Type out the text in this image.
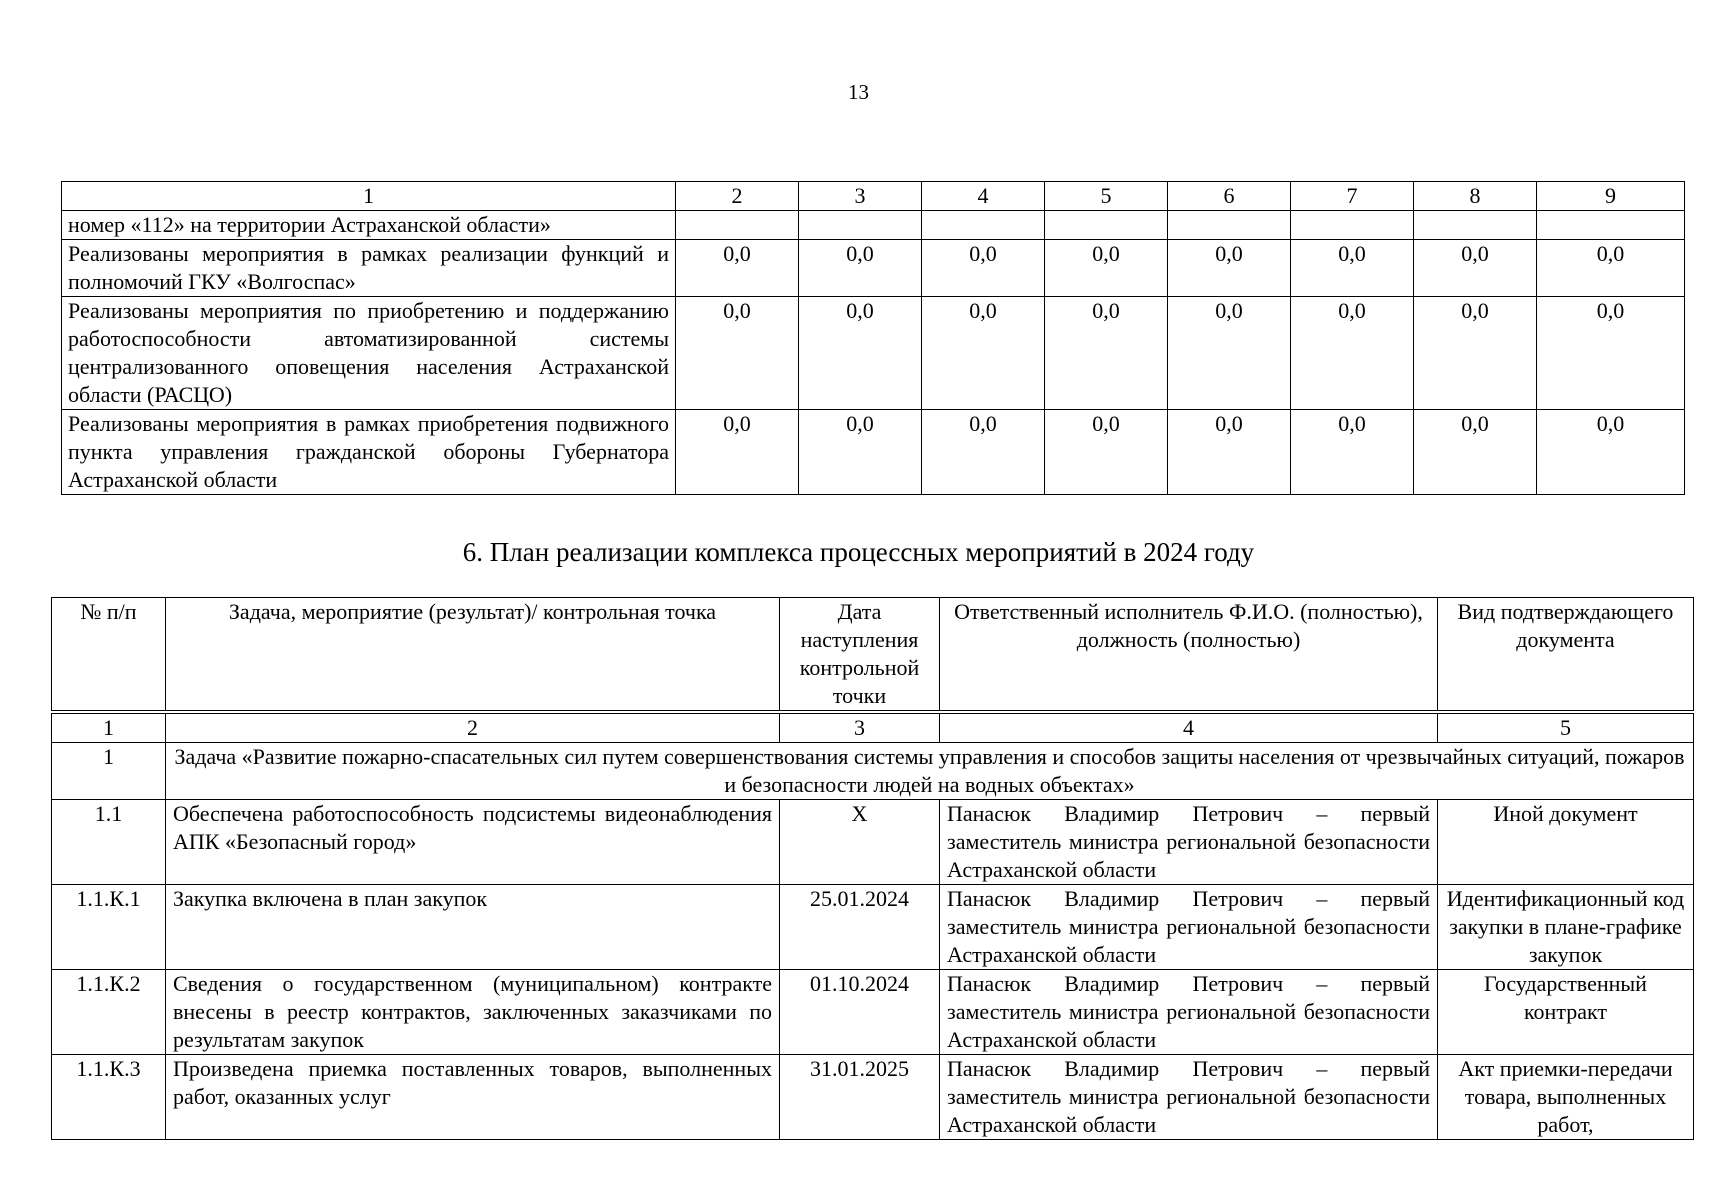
13
1	2	3	4	5	6	7	8	9
номер «112» на территории Астраханской области»								
Реализованы мероприятия в рамках реализации функций и полномочий ГКУ «Волгоспас»	0,0	0,0	0,0	0,0	0,0	0,0	0,0	0,0
Реализованы мероприятия по приобретению и поддержанию работоспособности автоматизированной системы централизованного оповещения населения Астраханской области (РАСЦО)	0,0	0,0	0,0	0,0	0,0	0,0	0,0	0,0
Реализованы мероприятия в рамках приобретения подвижного пункта управления гражданской обороны Губернатора Астраханской области	0,0	0,0	0,0	0,0	0,0	0,0	0,0	0,0
6. План реализации комплекса процессных мероприятий в 2024 году
№ п/п	Задача, мероприятие (результат)/ контрольная точка	Дата наступления контрольной точки	Ответственный исполнитель Ф.И.О. (полностью), должность (полностью)	Вид подтверждающего документа
1	2	3	4	5
1	Задача «Развитие пожарно-спасательных сил путем совершенствования системы управления и способов защиты населения от чрезвычайных ситуаций, пожаров и безопасности людей на водных объектах»			
1.1	Обеспечена работоспособность подсистемы видеонаблюдения АПК «Безопасный город»	Х	Панасюк Владимир Петрович – первый заместитель министра региональной безопасности Астраханской области	Иной документ
1.1.К.1	Закупка включена в план закупок	25.01.2024	Панасюк Владимир Петрович – первый заместитель министра региональной безопасности Астраханской области	Идентификационный код закупки в плане-графике закупок
1.1.К.2	Сведения о государственном (муниципальном) контракте внесены в реестр контрактов, заключенных заказчиками по результатам закупок	01.10.2024	Панасюк Владимир Петрович – первый заместитель министра региональной безопасности Астраханской области	Государственный контракт
1.1.К.3	Произведена приемка поставленных товаров, выполненных работ, оказанных услуг	31.01.2025	Панасюк Владимир Петрович – первый заместитель министра региональной безопасности Астраханской области	Акт приемки-передачи товара, выполненных работ,
